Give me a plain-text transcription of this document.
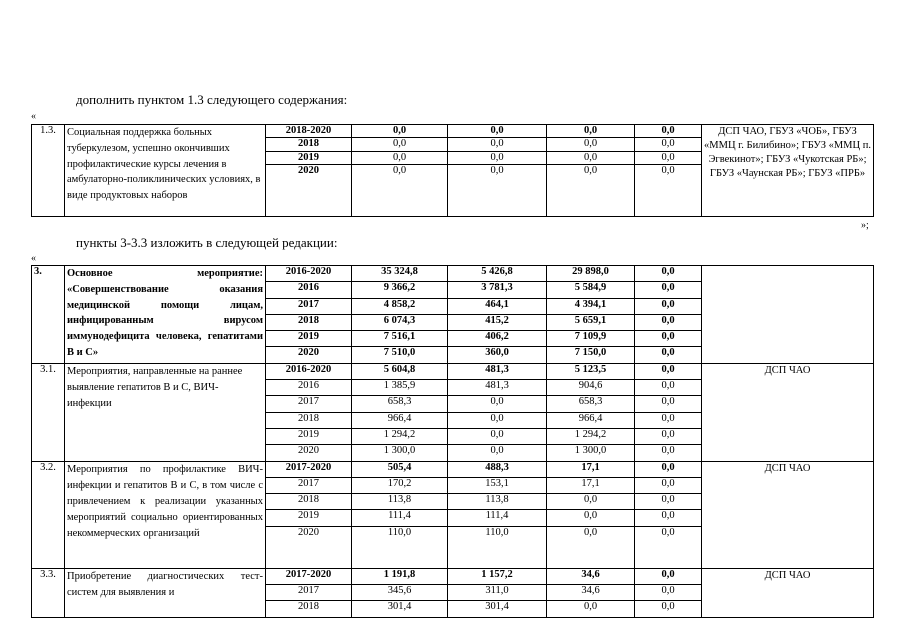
дополнить пунктом 1.3 следующего содержания:
«
1.3.	Социальная поддержка больных туберкулезом, успешно окончивших профилактические курсы лечения в амбулаторно-поликлинических условиях, в виде продуктовых наборов	2018-2020	0,0	0,0	0,0	0,0	ДСП ЧАО, ГБУЗ «ЧОБ», ГБУЗ «ММЦ г. Билибино»; ГБУЗ «ММЦ п. Эгвекинот»; ГБУЗ «Чукотская РБ»; ГБУЗ «Чаунская РБ»; ГБУЗ «ПРБ»
		2018	0,0	0,0	0,0	0,0	
		2019	0,0	0,0	0,0	0,0	
		2020	0,0	0,0	0,0	0,0	
»;
пункты 3-3.3 изложить в следующей редакции:
«
3.	Основное мероприятие: «Совершенствование оказания медицинской помощи лицам, инфицированным вирусом иммунодефицита человека, гепатитами В и С»	2016-2020	35 324,8	5 426,8	29 898,0	0,0	
		2016	9 366,2	3 781,3	5 584,9	0,0	
		2017	4 858,2	464,1	4 394,1	0,0	
		2018	6 074,3	415,2	5 659,1	0,0	
		2019	7 516,1	406,2	7 109,9	0,0	
		2020	7 510,0	360,0	7 150,0	0,0	
3.1.	Мероприятия, направленные на раннее выявление гепатитов В и С, ВИЧ-инфекции	2016-2020	5 604,8	481,3	5 123,5	0,0	ДСП ЧАО
		2016	1 385,9	481,3	904,6	0,0	
		2017	658,3	0,0	658,3	0,0	
		2018	966,4	0,0	966,4	0,0	
		2019	1 294,2	0,0	1 294,2	0,0	
		2020	1 300,0	0,0	1 300,0	0,0	
3.2.	Мероприятия по профилактике ВИЧ-инфекции и гепатитов В и С, в том числе с привлечением к реализации указанных мероприятий социально ориентированных некоммерческих организаций	2017-2020	505,4	488,3	17,1	0,0	ДСП ЧАО
		2017	170,2	153,1	17,1	0,0	
		2018	113,8	113,8	0,0	0,0	
		2019	111,4	111,4	0,0	0,0	
		2020	110,0	110,0	0,0	0,0	
3.3.	Приобретение диагностических тест-систем для выявления и	2017-2020	1 191,8	1 157,2	34,6	0,0	ДСП ЧАО
		2017	345,6	311,0	34,6	0,0	
		2018	301,4	301,4	0,0	0,0	
